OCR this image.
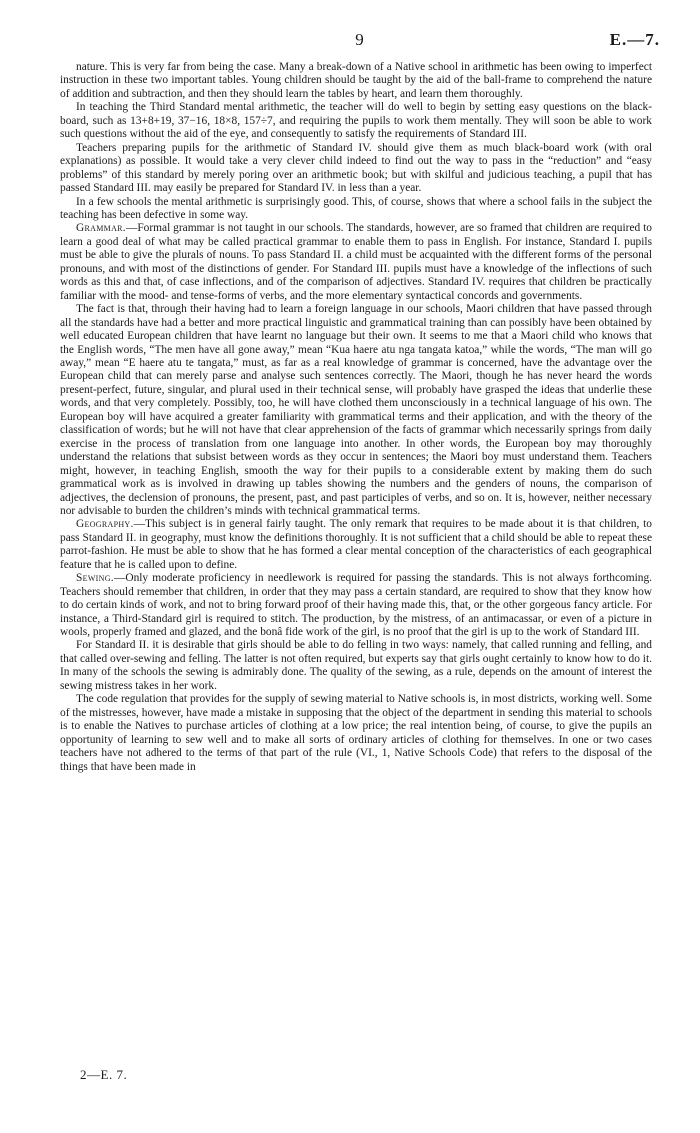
9	E.—7.

nature. This is very far from being the case. Many a break-down of a Native school in arithmetic has been owing to imperfect instruction in these two important tables. Young children should be taught by the aid of the ball-frame to comprehend the nature of addition and subtraction, and then they should learn the tables by heart, and learn them thoroughly.

In teaching the Third Standard mental arithmetic, the teacher will do well to begin by setting easy questions on the black-board, such as 13+8+19, 37−16, 18×8, 157÷7, and requiring the pupils to work them mentally. They will soon be able to work such questions without the aid of the eye, and consequently to satisfy the requirements of Standard III.

Teachers preparing pupils for the arithmetic of Standard IV. should give them as much black-board work (with oral explanations) as possible. It would take a very clever child indeed to find out the way to pass in the “reduction” and “easy problems” of this standard by merely poring over an arithmetic book; but with skilful and judicious teaching, a pupil that has passed Standard III. may easily be prepared for Standard IV. in less than a year.

In a few schools the mental arithmetic is surprisingly good. This, of course, shows that where a school fails in the subject the teaching has been defective in some way.

Grammar.—Formal grammar is not taught in our schools. The standards, however, are so framed that children are required to learn a good deal of what may be called practical grammar to enable them to pass in English. For instance, Standard I. pupils must be able to give the plurals of nouns. To pass Standard II. a child must be acquainted with the different forms of the personal pronouns, and with most of the distinctions of gender. For Standard III. pupils must have a knowledge of the inflections of such words as this and that, of case inflections, and of the comparison of adjectives. Standard IV. requires that children be practically familiar with the mood- and tense-forms of verbs, and the more elementary syntactical concords and governments.

The fact is that, through their having had to learn a foreign language in our schools, Maori children that have passed through all the standards have had a better and more practical linguistic and grammatical training than can possibly have been obtained by well educated European children that have learnt no language but their own. It seems to me that a Maori child who knows that the English words, “The men have all gone away,” mean “Kua haere atu nga tangata katoa,” while the words, “The man will go away,” mean “E haere atu te tangata,” must, as far as a real knowledge of grammar is concerned, have the advantage over the European child that can merely parse and analyse such sentences correctly. The Maori, though he has never heard the words present-perfect, future, singular, and plural used in their technical sense, will probably have grasped the ideas that underlie these words, and that very completely. Possibly, too, he will have clothed them unconsciously in a technical language of his own. The European boy will have acquired a greater familiarity with grammatical terms and their application, and with the theory of the classification of words; but he will not have that clear apprehension of the facts of grammar which necessarily springs from daily exercise in the process of translation from one language into another. In other words, the European boy may thoroughly understand the relations that subsist between words as they occur in sentences; the Maori boy must understand them. Teachers might, however, in teaching English, smooth the way for their pupils to a considerable extent by making them do such grammatical work as is involved in drawing up tables showing the numbers and the genders of nouns, the comparison of adjectives, the declension of pronouns, the present, past, and past participles of verbs, and so on. It is, however, neither necessary nor advisable to burden the children’s minds with technical grammatical terms.

Geography.—This subject is in general fairly taught. The only remark that requires to be made about it is that children, to pass Standard II. in geography, must know the definitions thoroughly. It is not sufficient that a child should be able to repeat these parrot-fashion. He must be able to show that he has formed a clear mental conception of the characteristics of each geographical feature that he is called upon to define.

Sewing.—Only moderate proficiency in needlework is required for passing the standards. This is not always forthcoming. Teachers should remember that children, in order that they may pass a certain standard, are required to show that they know how to do certain kinds of work, and not to bring forward proof of their having made this, that, or the other gorgeous fancy article. For instance, a Third-Standard girl is required to stitch. The production, by the mistress, of an antimacassar, or even of a picture in wools, properly framed and glazed, and the bonâ fide work of the girl, is no proof that the girl is up to the work of Standard III.

For Standard II. it is desirable that girls should be able to do felling in two ways: namely, that called running and felling, and that called over-sewing and felling. The latter is not often required, but experts say that girls ought certainly to know how to do it. In many of the schools the sewing is admirably done. The quality of the sewing, as a rule, depends on the amount of interest the sewing mistress takes in her work.

The code regulation that provides for the supply of sewing material to Native schools is, in most districts, working well. Some of the mistresses, however, have made a mistake in supposing that the object of the department in sending this material to schools is to enable the Natives to purchase articles of clothing at a low price; the real intention being, of course, to give the pupils an opportunity of learning to sew well and to make all sorts of ordinary articles of clothing for themselves. In one or two cases teachers have not adhered to the terms of that part of the rule (VI., 1, Native Schools Code) that refers to the disposal of the things that have been made in

2—E. 7.
